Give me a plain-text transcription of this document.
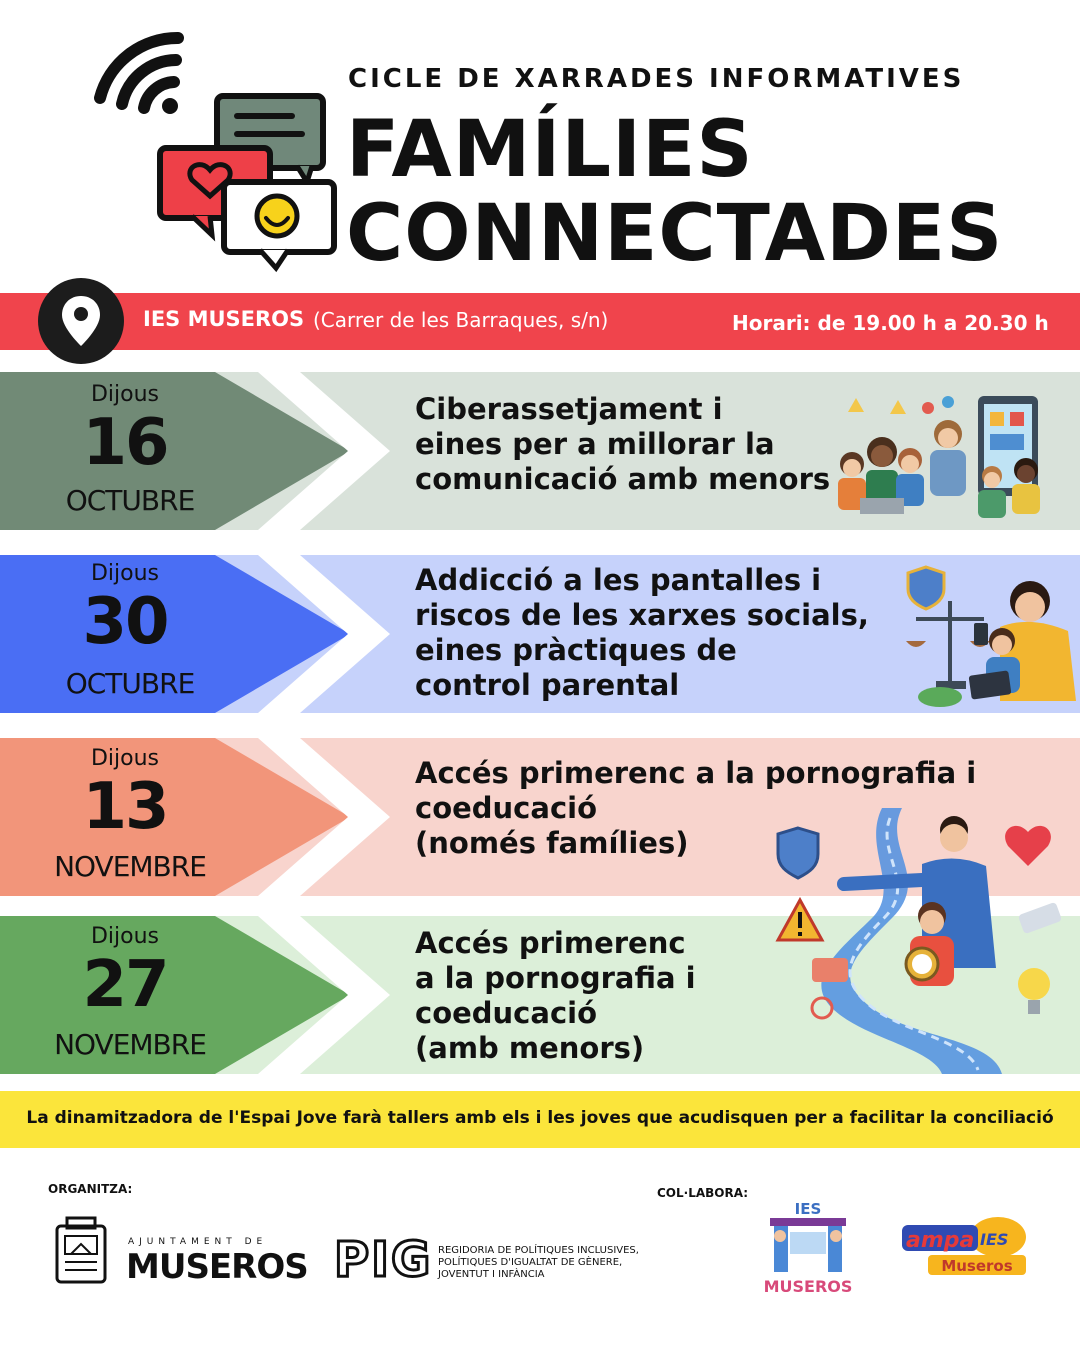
CICLE DE XARRADES INFORMATIVES
FAMÍLIES
CONNECTADES
IES MUSEROS (Carrer de les Barraques, s/n)	Horari: de 19.00 h a 20.30 h
Dijous
16
OCTUBRE
Ciberassetjament i
eines per a millorar la
comunicació amb menors
Dijous
30
OCTUBRE
Addicció a les pantalles i
riscos de les xarxes socials,
eines pràctiques de
control parental
Dijous
13
NOVEMBRE
Accés primerenc a la pornografia i
coeducació
(només famílies)
Dijous
27
NOVEMBRE
Accés primerenc
a la pornografia i
coeducació
(amb menors)
La dinamitzadora de l'Espai Jove farà tallers amb els i les joves que acudisquen per a facilitar la conciliació
ORGANITZA:	COL·LABORA:
AJUNTAMENT DE
MUSEROS PIG REGIDORIA DE POLÍTIQUES INCLUSIVES,
POLÍTIQUES D'IGUALTAT DE GÈNERE,
JOVENTUT I INFÀNCIA
IES
MUSEROS
ampa IES
Museros
